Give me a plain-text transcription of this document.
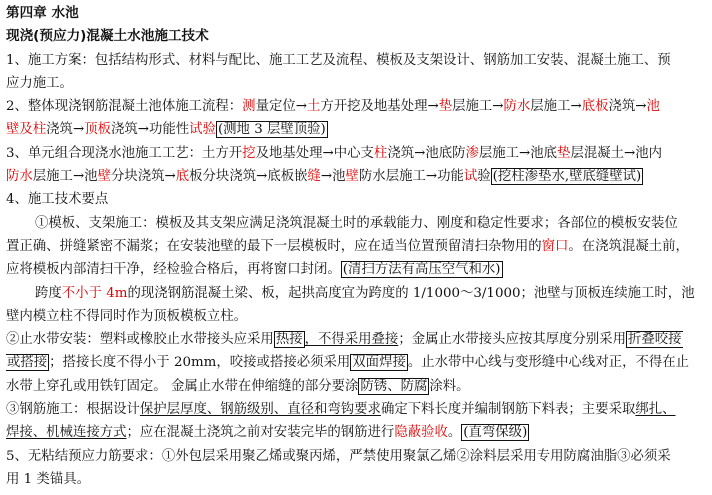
第四章 水池
现浇(预应力)混凝土水池施工技术
1、施工方案：包括结构形式、材料与配比、施工工艺及流程、模板及支架设计、钢筋加工安装、混凝土施工、预
应力施工。
2、整体现浇钢筋混凝土池体施工流程：测量定位→土方开挖及地基处理→垫层施工→防水层施工→底板浇筑→池
壁及柱浇筑→顶板浇筑→功能性试验 (测地 3 层壁顶验)
3、单元组合现浇水池施工工艺：土方开挖及地基处理→中心支柱浇筑→池底防渗层施工→池底垫层混凝土→池内
防水层施工→池壁分块浇筑→底板分块浇筑→底板嵌缝→池壁防水层施工→功能试验 (挖柱渗垫水,壁底缝壁试)
4、施工技术要点
①模板、支架施工：模板及其支架应满足浇筑混凝土时的承载能力、刚度和稳定性要求；各部位的模板安装位
置正确、拼缝紧密不漏浆；在安装池壁的最下一层模板时，应在适当位置预留清扫杂物用的窗口。在浇筑混凝土前，
应将模板内部清扫干净，经检验合格后，再将窗口封闭。 (清扫方法有高压空气和水)
跨度不小于 4m的现浇钢筋混凝土梁、板，起拱高度宜为跨度的 1/1000～3/1000；池壁与顶板连续施工时，池
壁内模立柱不得同时作为顶板模板立柱。
②止水带安装：塑料或橡胶止水带接头应采用 热接 ，不得采用叠接；金属止水带接头应按其厚度分别采用 折叠咬接
或搭接 ；搭接长度不得小于 20mm，咬接或搭接必须采用 双面焊接 。止水带中心线与变形缝中心线对正，不得在止
水带上穿孔或用铁钉固定。 金属止水带在伸缩缝的部分要涂 防锈、防腐 涂料。
③钢筋施工：根据设计保护层厚度、钢筋级别、直径和弯钩要求确定下料长度并编制钢筋下料表；主要采取绑扎、
焊接、机械连接方式；应在混凝土浇筑之前对安装完毕的钢筋进行隐蔽验收。 (直弯保级)
5、无粘结预应力筋要求：①外包层采用聚乙烯或聚丙烯，严禁使用聚氯乙烯②涂料层采用专用防腐油脂③必须采
用 1 类锚具。
